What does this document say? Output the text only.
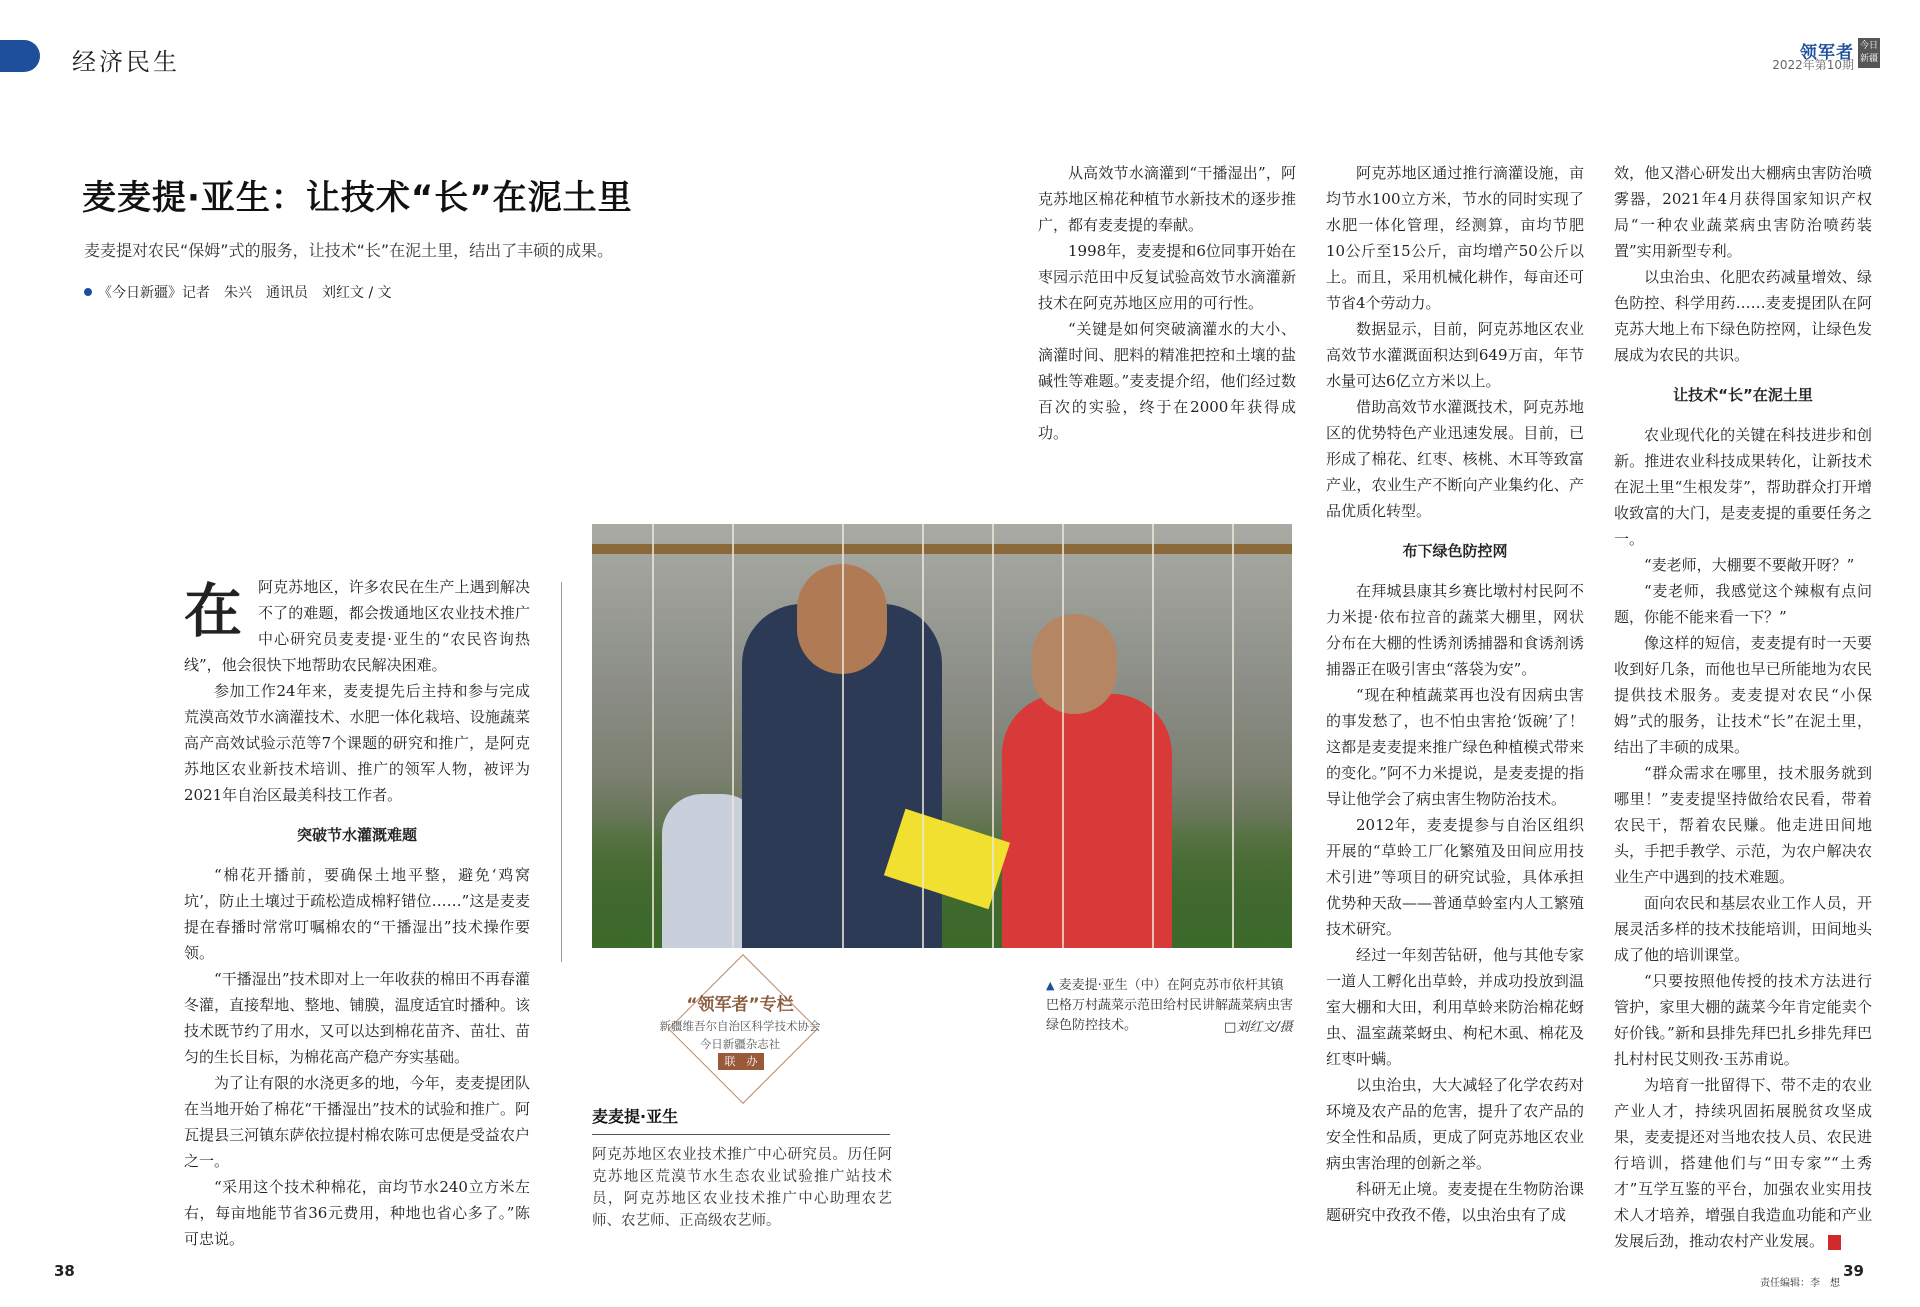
经济民生	领军者 今日新疆
2022年第10期
麦麦提·亚生：让技术“长”在泥土里
麦麦提对农民“保姆”式的服务，让技术“长”在泥土里，结出了丰硕的成果。
《今日新疆》记者　朱兴　通讯员　刘红文 / 文
在	阿克苏地区，许多农民在生产上遇到解决不了的难题，都会拨通地区农业技术推广中心研究员麦麦提·亚生的“农民咨询热线”，他会很快下地帮助农民解决困难。

参加工作24年来，麦麦提先后主持和参与完成荒漠高效节水滴灌技术、水肥一体化栽培、设施蔬菜高产高效试验示范等7个课题的研究和推广，是阿克苏地区农业新技术培训、推广的领军人物，被评为2021年自治区最美科技工作者。

突破节水灌溉难题

“棉花开播前，要确保土地平整，避免‘鸡窝坑’，防止土壤过于疏松造成棉籽错位……”这是麦麦提在春播时常常叮嘱棉农的“干播湿出”技术操作要领。

“干播湿出”技术即对上一年收获的棉田不再春灌冬灌，直接犁地、整地、铺膜，温度适宜时播种。该技术既节约了用水，又可以达到棉花苗齐、苗壮、苗匀的生长目标，为棉花高产稳产夯实基础。

为了让有限的水浇更多的地，今年，麦麦提团队在当地开始了棉花“干播湿出”技术的试验和推广。阿瓦提县三河镇东萨依拉提村棉农陈可忠便是受益农户之一。

“采用这个技术种棉花，亩均节水240立方米左右，每亩地能节省36元费用，种地也省心多了。”陈可忠说。

从高效节水滴灌到“干播湿出”，阿克苏地区棉花种植节水新技术的逐步推广，都有麦麦提的奉献。

1998年，麦麦提和6位同事开始在枣园示范田中反复试验高效节水滴灌新技术在阿克苏地区应用的可行性。

“关键是如何突破滴灌水的大小、滴灌时间、肥料的精准把控和土壤的盐碱性等难题。”麦麦提介绍，他们经过数百次的实验，终于在2000年获得成功。

▲ 麦麦提·亚生（中）在阿克苏市依杆其镇巴格万村蔬菜示范田给村民讲解蔬菜病虫害绿色防控技术。	□刘红文/摄
“领军者”专栏
新疆维吾尔自治区科学技术协会
今日新疆杂志社
联　办
麦麦提·亚生
阿克苏地区农业技术推广中心研究员。历任阿克苏地区荒漠节水生态农业试验推广站技术员，阿克苏地区农业技术推广中心助理农艺师、农艺师、正高级农艺师。

阿克苏地区通过推行滴灌设施，亩均节水100立方米，节水的同时实现了水肥一体化管理，经测算，亩均节肥10公斤至15公斤，亩均增产50公斤以上。而且，采用机械化耕作，每亩还可节省4个劳动力。

数据显示，目前，阿克苏地区农业高效节水灌溉面积达到649万亩，年节水量可达6亿立方米以上。

借助高效节水灌溉技术，阿克苏地区的优势特色产业迅速发展。目前，已形成了棉花、红枣、核桃、木耳等致富产业，农业生产不断向产业集约化、产品优质化转型。

布下绿色防控网

在拜城县康其乡赛比墩村村民阿不力米提·依布拉音的蔬菜大棚里，网状分布在大棚的性诱剂诱捕器和食诱剂诱捕器正在吸引害虫“落袋为安”。

“现在种植蔬菜再也没有因病虫害的事发愁了，也不怕虫害抢‘饭碗’了！这都是麦麦提来推广绿色种植模式带来的变化。”阿不力米提说，是麦麦提的指导让他学会了病虫害生物防治技术。

2012年，麦麦提参与自治区组织开展的“草蛉工厂化繁殖及田间应用技术引进”等项目的研究试验，具体承担优势种天敌——普通草蛉室内人工繁殖技术研究。

经过一年刻苦钻研，他与其他专家一道人工孵化出草蛉，并成功投放到温室大棚和大田，利用草蛉来防治棉花蚜虫、温室蔬菜蚜虫、枸杞木虱、棉花及红枣叶螨。

以虫治虫，大大减轻了化学农药对环境及农产品的危害，提升了农产品的安全性和品质，更成了阿克苏地区农业病虫害治理的创新之举。

科研无止境。麦麦提在生物防治课题研究中孜孜不倦，以虫治虫有了成

效，他又潜心研发出大棚病虫害防治喷雾器，2021年4月获得国家知识产权局“一种农业蔬菜病虫害防治喷药装置”实用新型专利。

以虫治虫、化肥农药减量增效、绿色防控、科学用药……麦麦提团队在阿克苏大地上布下绿色防控网，让绿色发展成为农民的共识。

让技术“长”在泥土里

农业现代化的关键在科技进步和创新。推进农业科技成果转化，让新技术在泥土里“生根发芽”，帮助群众打开增收致富的大门，是麦麦提的重要任务之一。

“麦老师，大棚要不要敞开呀？”

“麦老师，我感觉这个辣椒有点问题，你能不能来看一下？”

像这样的短信，麦麦提有时一天要收到好几条，而他也早已所能地为农民提供技术服务。麦麦提对农民“小保姆”式的服务，让技术“长”在泥土里，结出了丰硕的成果。

“群众需求在哪里，技术服务就到哪里！”麦麦提坚持做给农民看，带着农民干，帮着农民赚。他走进田间地头，手把手教学、示范，为农户解决农业生产中遇到的技术难题。

面向农民和基层农业工作人员，开展灵活多样的技术技能培训，田间地头成了他的培训课堂。

“只要按照他传授的技术方法进行管护，家里大棚的蔬菜今年肯定能卖个好价钱。”新和县排先拜巴扎乡排先拜巴扎村村民艾则孜·玉苏甫说。

为培育一批留得下、带不走的农业产业人才，持续巩固拓展脱贫攻坚成果，麦麦提还对当地农技人员、农民进行培训，搭建他们与“田专家”“土秀才”互学互鉴的平台，加强农业实用技术人才培养，增强自我造血功能和产业发展后劲，推动农村产业发展。	J

38
责任编辑：李　想
39
